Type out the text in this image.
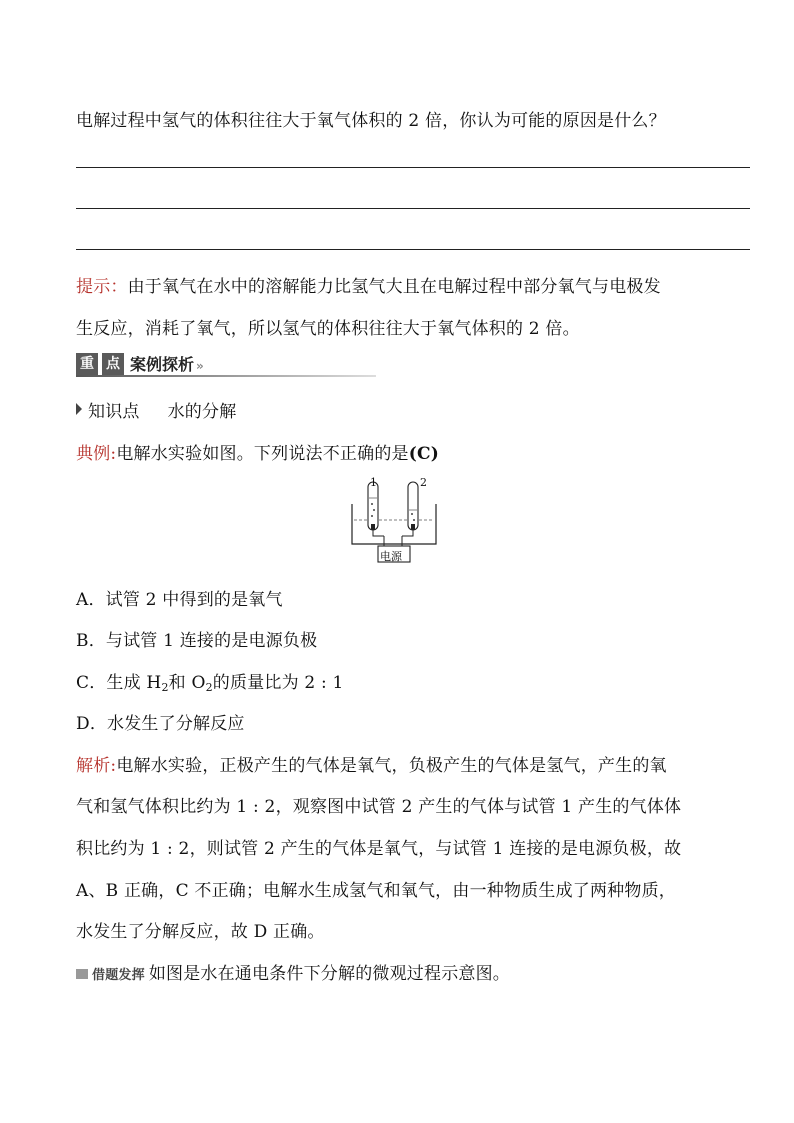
电解过程中氢气的体积往往大于氧气体积的 2 倍，你认为可能的原因是什么？
提示：由于氧气在水中的溶解能力比氢气大且在电解过程中部分氧气与电极发
生反应，消耗了氧气，所以氢气的体积往往大于氧气体积的 2 倍。
重 点 案例探析 »
知识点 水的分解
典例:电解水实验如图。下列说法不正确的是(C)
1	2
电源
A．试管 2 中得到的是氧气
B．与试管 1 连接的是电源负极
C．生成 $H_2$和 $O_2$的质量比为 2 : 1
D．水发生了分解反应
解析:电解水实验，正极产生的气体是氧气，负极产生的气体是氢气，产生的氧
气和氢气体积比约为 1 : 2，观察图中试管 2 产生的气体与试管 1 产生的气体体
积比约为 1 : 2，则试管 2 产生的气体是氧气，与试管 1 连接的是电源负极，故
A、B 正确，C 不正确；电解水生成氢气和氧气，由一种物质生成了两种物质，
水发生了分解反应，故 D 正确。
借题发挥 如图是水在通电条件下分解的微观过程示意图。
